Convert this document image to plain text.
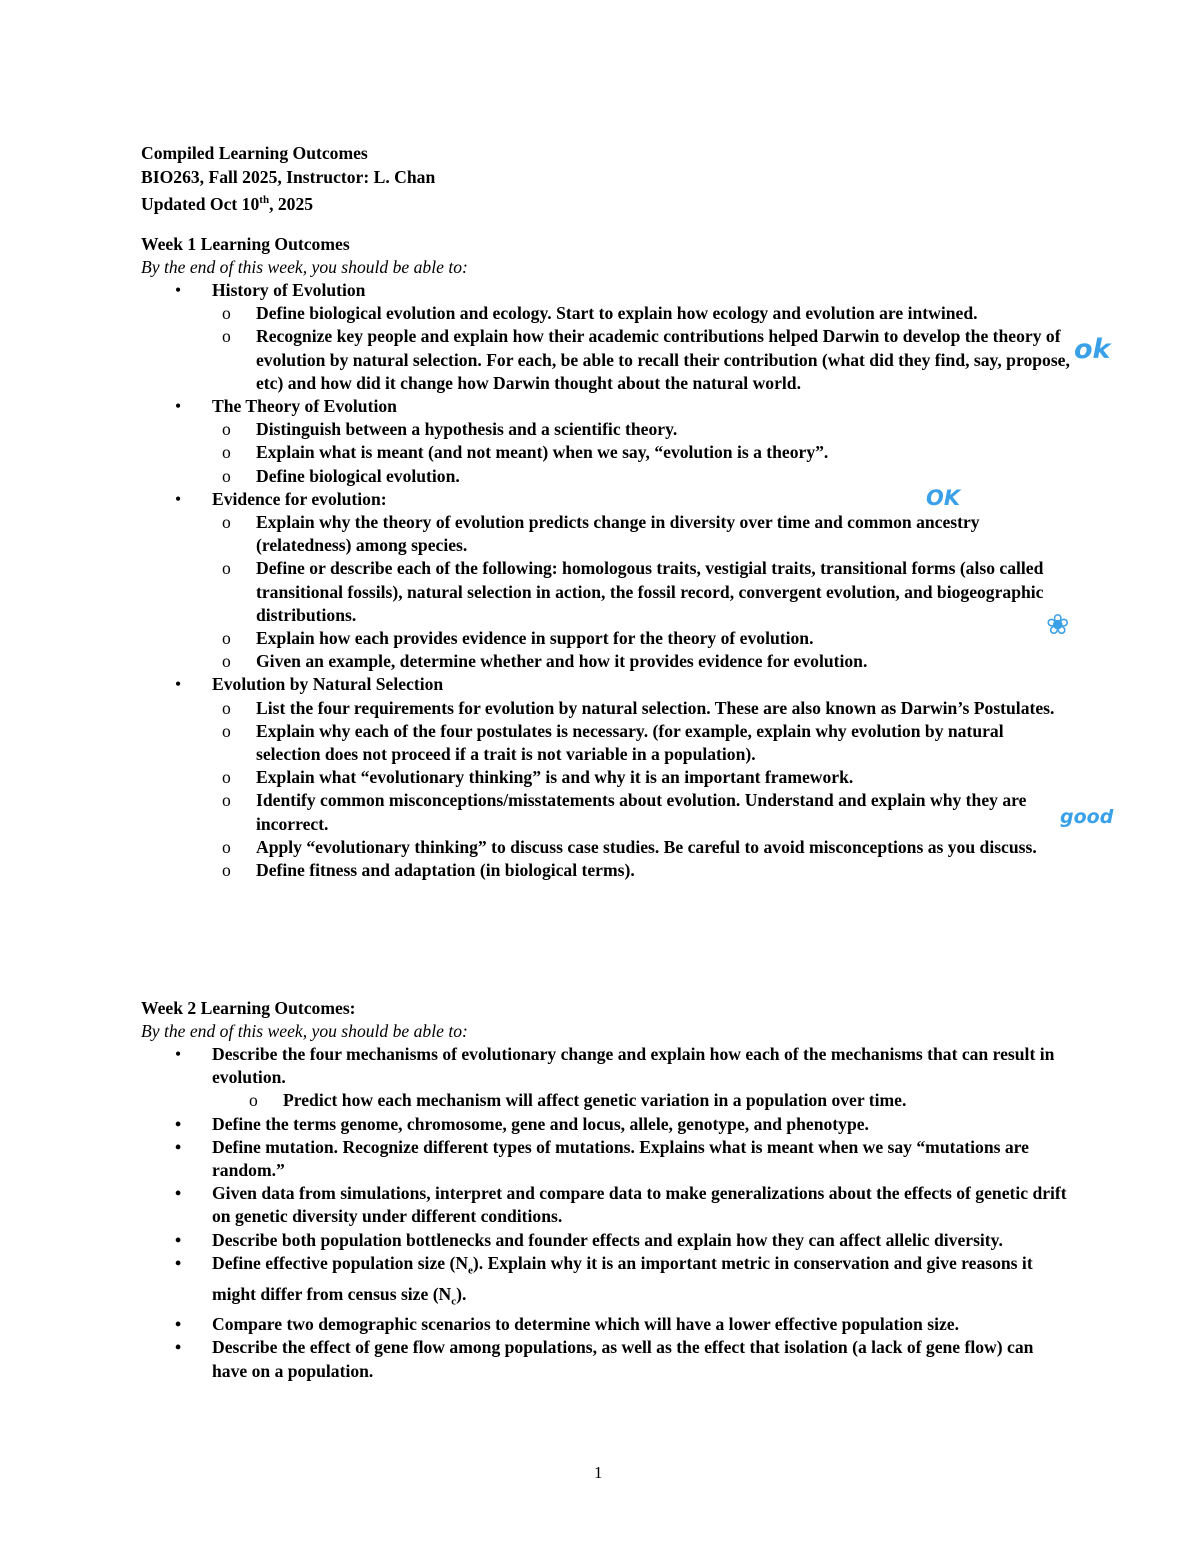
Compiled Learning Outcomes
BIO263, Fall 2025, Instructor: L. Chan
Updated Oct 10th, 2025
Week 1 Learning Outcomes
By the end of this week, you should be able to:
• History of Evolution
o Define biological evolution and ecology. Start to explain how ecology and evolution are intwined.
o Recognize key people and explain how their academic contributions helped Darwin to develop the theory of evolution by natural selection. For each, be able to recall their contribution (what did they find, say, propose, etc) and how did it change how Darwin thought about the natural world.
• The Theory of Evolution
o Distinguish between a hypothesis and a scientific theory.
o Explain what is meant (and not meant) when we say, “evolution is a theory”.
o Define biological evolution.
• Evidence for evolution:
o Explain why the theory of evolution predicts change in diversity over time and common ancestry (relatedness) among species.
o Define or describe each of the following: homologous traits, vestigial traits, transitional forms (also called transitional fossils), natural selection in action, the fossil record, convergent evolution, and biogeographic distributions.
o Explain how each provides evidence in support for the theory of evolution.
o Given an example, determine whether and how it provides evidence for evolution.
• Evolution by Natural Selection
o List the four requirements for evolution by natural selection. These are also known as Darwin’s Postulates.
o Explain why each of the four postulates is necessary. (for example, explain why evolution by natural selection does not proceed if a trait is not variable in a population).
o Explain what “evolutionary thinking” is and why it is an important framework.
o Identify common misconceptions/misstatements about evolution. Understand and explain why they are incorrect.
o Apply “evolutionary thinking” to discuss case studies. Be careful to avoid misconceptions as you discuss.
o Define fitness and adaptation (in biological terms).
Week 2 Learning Outcomes:
By the end of this week, you should be able to:
• Describe the four mechanisms of evolutionary change and explain how each of the mechanisms that can result in evolution.
o Predict how each mechanism will affect genetic variation in a population over time.
• Define the terms genome, chromosome, gene and locus, allele, genotype, and phenotype.
• Define mutation. Recognize different types of mutations. Explains what is meant when we say “mutations are random.”
• Given data from simulations, interpret and compare data to make generalizations about the effects of genetic drift on genetic diversity under different conditions.
• Describe both population bottlenecks and founder effects and explain how they can affect allelic diversity.
• Define effective population size $(N_e)$. Explain why it is an important metric in conservation and give reasons it might differ from census size $(N_c)$.
• Compare two demographic scenarios to determine which will have a lower effective population size.
• Describe the effect of gene flow among populations, as well as the effect that isolation (a lack of gene flow) can have on a population.
ok
OK
❀
good
1
